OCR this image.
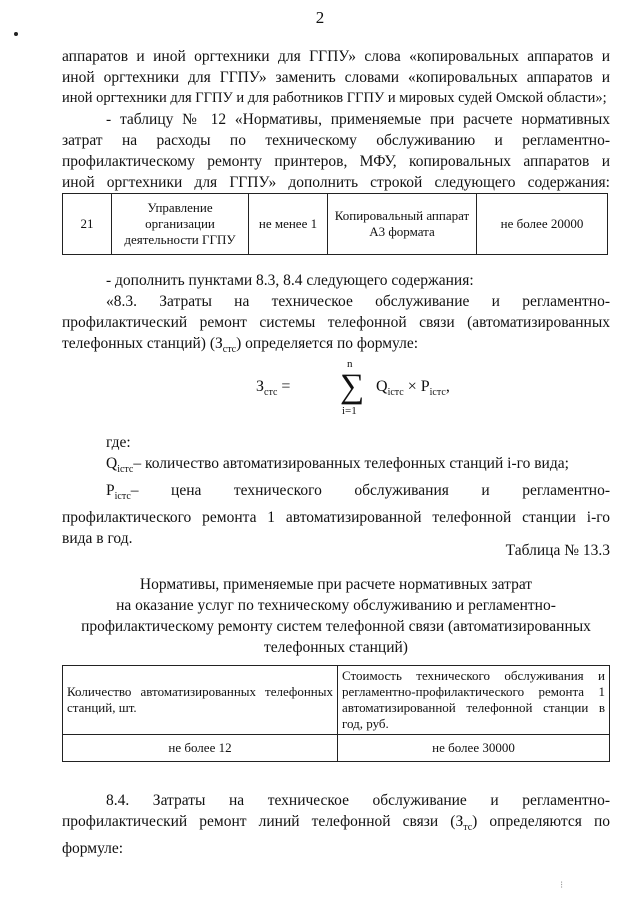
2
аппаратов и иной оргтехники для ГГПУ» слова «копировальных аппаратов и
иной оргтехники для ГГПУ» заменить словами «копировальных аппаратов и
иной оргтехники для ГГПУ и для работников ГГПУ и мировых судей Омской области»;
- таблицу № 12 «Нормативы, применяемые при расчете нормативных
затрат на расходы по техническому обслуживанию и регламентно-
профилактическому ремонту принтеров, МФУ, копировальных аппаратов и
иной оргтехники для ГГПУ» дополнить строкой следующего содержания:
21	Управление организации деятельности ГГПУ	не менее 1	Копировальный аппарат А3 формата	не более 20000
- дополнить пунктами 8.3, 8.4 следующего содержания:
«8.3. Затраты на техническое обслуживание и регламентно-
профилактический ремонт системы телефонной связи (автоматизированных
телефонных станций) $(З_{стс})$ определяется по формуле:
$З_{стс}$ =
n
∑
i=1
$Q_{iстс} \times P_{iстс}$,
где:
$Q_{iстс}-$ количество автоматизированных телефонных станций i-го вида;
$P_{iстс}-$ цена технического обслуживания и регламентно-
профилактического ремонта 1 автоматизированной телефонной станции i-го
вида в год.
Таблица № 13.3
Нормативы, применяемые при расчете нормативных затрат
на оказание услуг по техническому обслуживанию и регламентно-
профилактическому ремонту систем телефонной связи (автоматизированных
телефонных станций)
Количество автоматизированных телефонных станций, шт.	Стоимость технического обслуживания и регламентно-профилактического ремонта 1 автоматизированной телефонной станции в год, руб.
не более 12	не более 30000
8.4. Затраты на техническое обслуживание и регламентно-
профилактический ремонт линий телефонной связи $(З_{тс})$ определяются по
формуле:
⁝
